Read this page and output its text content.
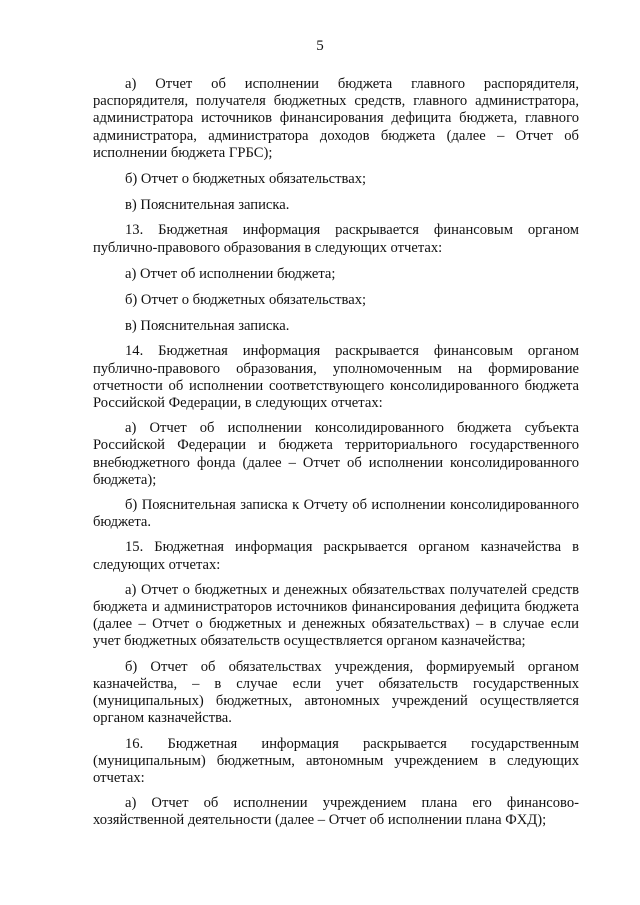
5

а) Отчет об исполнении бюджета главного распорядителя, распорядителя, получателя бюджетных средств, главного администратора, администратора источников финансирования дефицита бюджета, главного администратора, администратора доходов бюджета (далее – Отчет об исполнении бюджета ГРБС);

б) Отчет о бюджетных обязательствах;

в) Пояснительная записка.

13. Бюджетная информация раскрывается финансовым органом публично-правового образования в следующих отчетах:

а) Отчет об исполнении бюджета;

б) Отчет о бюджетных обязательствах;

в) Пояснительная записка.

14. Бюджетная информация раскрывается финансовым органом публично-правового образования, уполномоченным на формирование отчетности об исполнении соответствующего консолидированного бюджета Российской Федерации, в следующих отчетах:

а) Отчет об исполнении консолидированного бюджета субъекта Российской Федерации и бюджета территориального государственного внебюджетного фонда (далее – Отчет об исполнении консолидированного бюджета);

б) Пояснительная записка к Отчету об исполнении консолидированного бюджета.

15. Бюджетная информация раскрывается органом казначейства в следующих отчетах:

а) Отчет о бюджетных и денежных обязательствах получателей средств бюджета и администраторов источников финансирования дефицита бюджета (далее – Отчет о бюджетных и денежных обязательствах) – в случае если учет бюджетных обязательств осуществляется органом казначейства;

б) Отчет об обязательствах учреждения, формируемый органом казначейства, – в случае если учет обязательств государственных (муниципальных) бюджетных, автономных учреждений осуществляется органом казначейства.

16. Бюджетная информация раскрывается государственным (муниципальным) бюджетным, автономным учреждением в следующих отчетах:

а) Отчет об исполнении учреждением плана его финансово-хозяйственной деятельности (далее – Отчет об исполнении плана ФХД);
